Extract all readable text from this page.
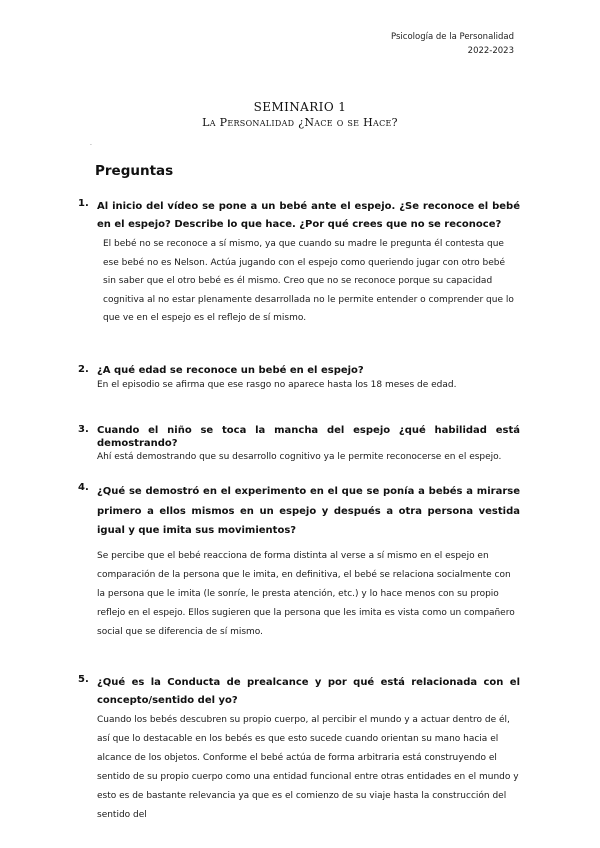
Psicología de la Personalidad
2022-2023
SEMINARIO 1
La Personalidad ¿Nace o se Hace?
.
Preguntas
1. Al inicio del vídeo se pone a un bebé ante el espejo. ¿Se reconoce el bebé en el espejo? Describe lo que hace. ¿Por qué crees que no se reconoce?
El bebé no se reconoce a sí mismo, ya que cuando su madre le pregunta él contesta que ese bebé no es Nelson. Actúa jugando con el espejo como queriendo jugar con otro bebé sin saber que el otro bebé es él mismo. Creo que no se reconoce porque su capacidad cognitiva al no estar plenamente desarrollada no le permite entender o comprender que lo que ve en el espejo es el reflejo de sí mismo.
2. ¿A qué edad se reconoce un bebé en el espejo?
En el episodio se afirma que ese rasgo no aparece hasta los 18 meses de edad.
3. Cuando el niño se toca la mancha del espejo ¿qué habilidad está demostrando?
Ahí está demostrando que su desarrollo cognitivo ya le permite reconocerse en el espejo.
4. ¿Qué se demostró en el experimento en el que se ponía a bebés a mirarse primero a ellos mismos en un espejo y después a otra persona vestida igual y que imita sus movimientos?
Se percibe que el bebé reacciona de forma distinta al verse a sí mismo en el espejo en comparación de la persona que le imita, en definitiva, el bebé se relaciona socialmente con la persona que le imita (le sonríe, le presta atención, etc.) y lo hace menos con su propio reflejo en el espejo. Ellos sugieren que la persona que les imita es vista como un compañero social que se diferencia de sí mismo.
5. ¿Qué es la Conducta de prealcance y por qué está relacionada con el concepto/sentido del yo?
Cuando los bebés descubren su propio cuerpo, al percibir el mundo y a actuar dentro de él, así que lo destacable en los bebés es que esto sucede cuando orientan su mano hacia el alcance de los objetos. Conforme el bebé actúa de forma arbitraria está construyendo el sentido de su propio cuerpo como una entidad funcional entre otras entidades en el mundo y esto es de bastante relevancia ya que es el comienzo de su viaje hasta la construcción del sentido del
